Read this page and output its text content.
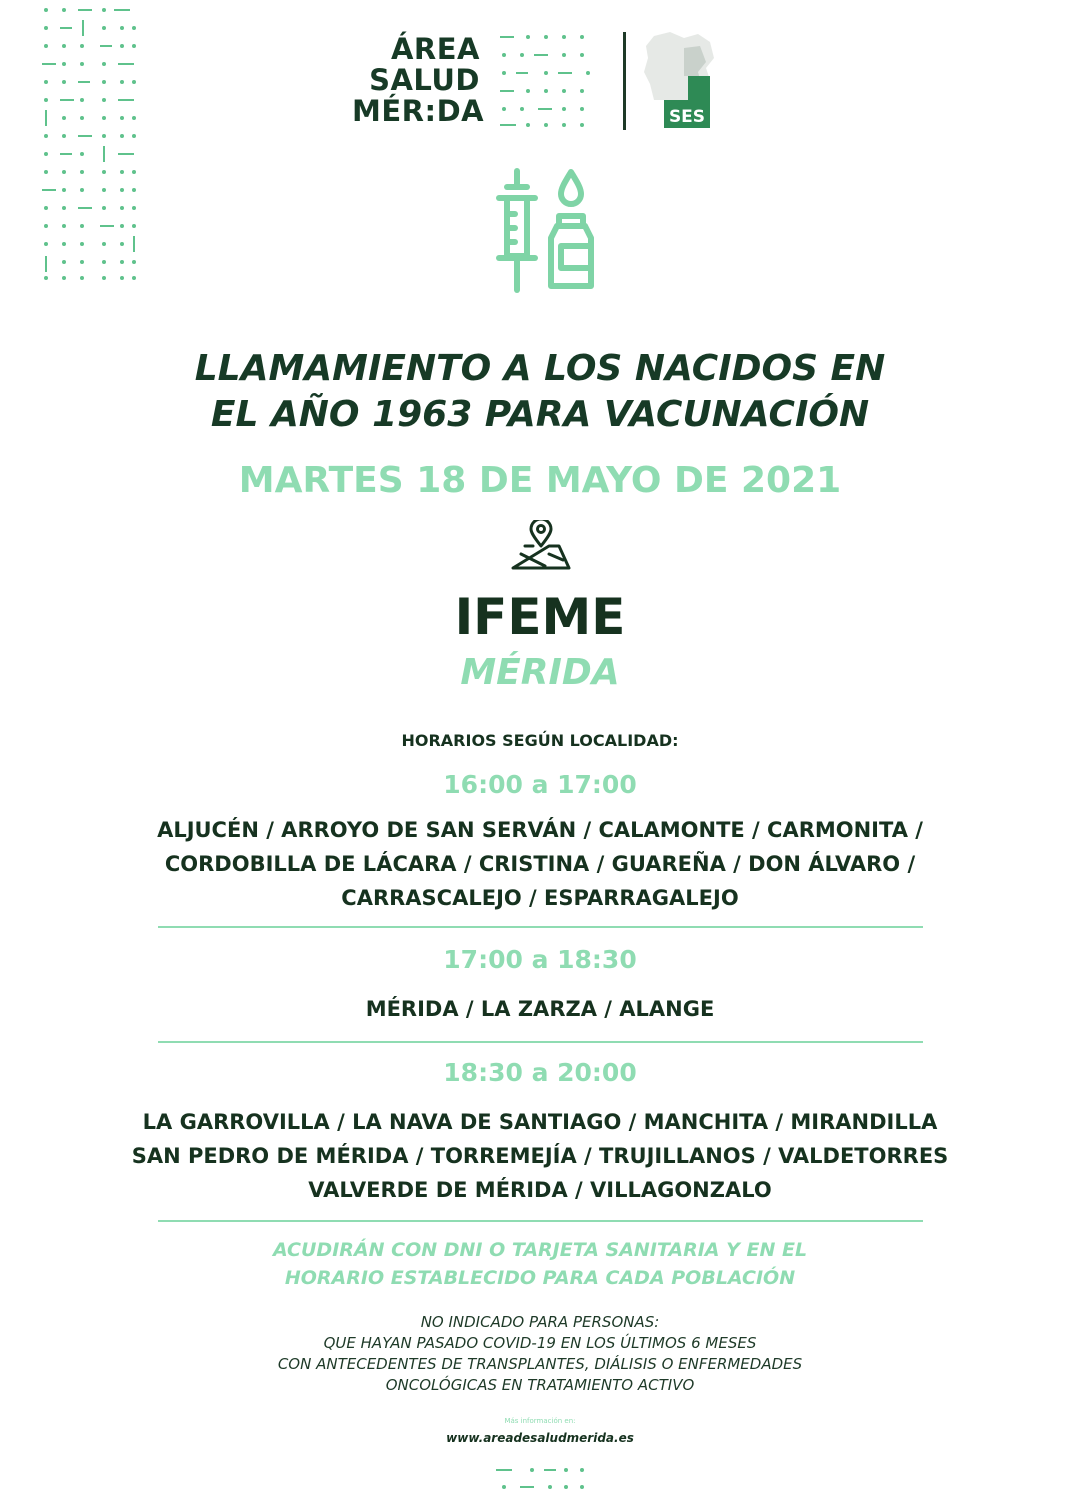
ÁREA
SALUD
MÉR:DA	SES
LLAMAMIENTO A LOS NACIDOS EN
EL AÑO 1963 PARA VACUNACIÓN
MARTES 18 DE MAYO DE 2021
IFEME
MÉRIDA
HORARIOS SEGÚN LOCALIDAD:
16:00 a 17:00
ALJUCÉN / ARROYO DE SAN SERVÁN / CALAMONTE / CARMONITA /
CORDOBILLA DE LÁCARA / CRISTINA / GUAREÑA / DON ÁLVARO /
CARRASCALEJO / ESPARRAGALEJO
17:00 a 18:30
MÉRIDA / LA ZARZA / ALANGE
18:30 a 20:00
LA GARROVILLA / LA NAVA DE SANTIAGO / MANCHITA / MIRANDILLA
SAN PEDRO DE MÉRIDA / TORREMEJÍA / TRUJILLANOS / VALDETORRES
VALVERDE DE MÉRIDA / VILLAGONZALO
ACUDIRÁN CON DNI O TARJETA SANITARIA Y EN EL
HORARIO ESTABLECIDO PARA CADA POBLACIÓN
NO INDICADO PARA PERSONAS:
QUE HAYAN PASADO COVID-19 EN LOS ÚLTIMOS 6 MESES
CON ANTECEDENTES DE TRANSPLANTES, DIÁLISIS O ENFERMEDADES
ONCOLÓGICAS EN TRATAMIENTO ACTIVO
Más información en:
www.areadesaludmerida.es
